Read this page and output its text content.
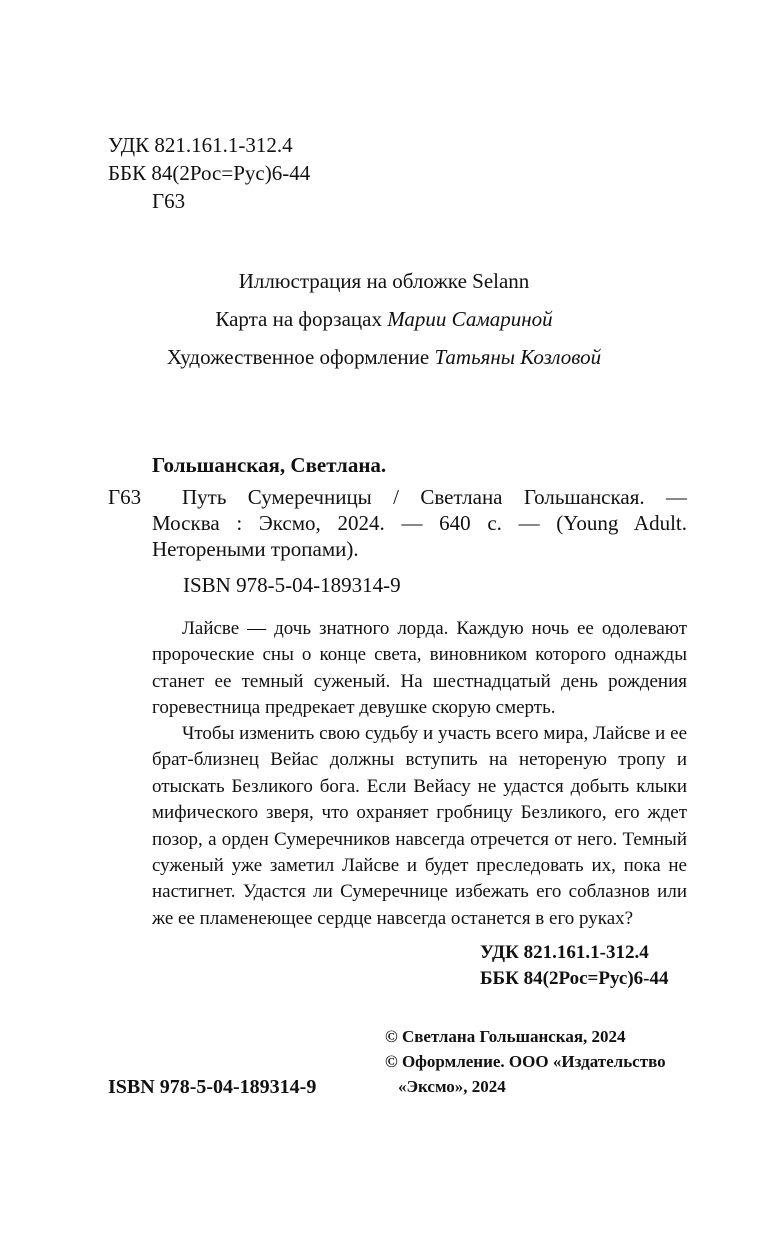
УДК 821.161.1-312.4
ББК 84(2Рос=Рус)6-44
Г63
Иллюстрация на обложке Selann
Карта на форзацах Марии Самариной
Художественное оформление Татьяны Козловой
Гольшанская, Светлана.
Г63	Путь Сумеречницы / Светлана Гольшанская. —
Москва : Эксмо, 2024. — 640 с. — (Young Adult.
Нетореными тропами).
ISBN 978-5-04-189314-9
Лайсве — дочь знатного лорда. Каждую ночь ее одолевают пророческие сны о конце света, виновником которого однажды станет ее темный суженый. На шестнадцатый день рождения горевестница предрекает девушке скорую смерть.
Чтобы изменить свою судьбу и участь всего мира, Лайсве и ее брат-близнец Вейас должны вступить на нетореную тропу и отыскать Безликого бога. Если Вейасу не удастся добыть клыки мифического зверя, что охраняет гробницу Безликого, его ждет позор, а орден Сумеречников навсегда отречется от него. Темный суженый уже заметил Лайсве и будет преследовать их, пока не настигнет. Удастся ли Сумеречнице избежать его соблазнов или же ее пламенеющее сердце навсегда останется в его руках?
УДК 821.161.1-312.4
ББК 84(2Рос=Рус)6-44
© Светлана Гольшанская, 2024
© Оформление. ООО «Издательство
«Эксмо», 2024
ISBN 978-5-04-189314-9
